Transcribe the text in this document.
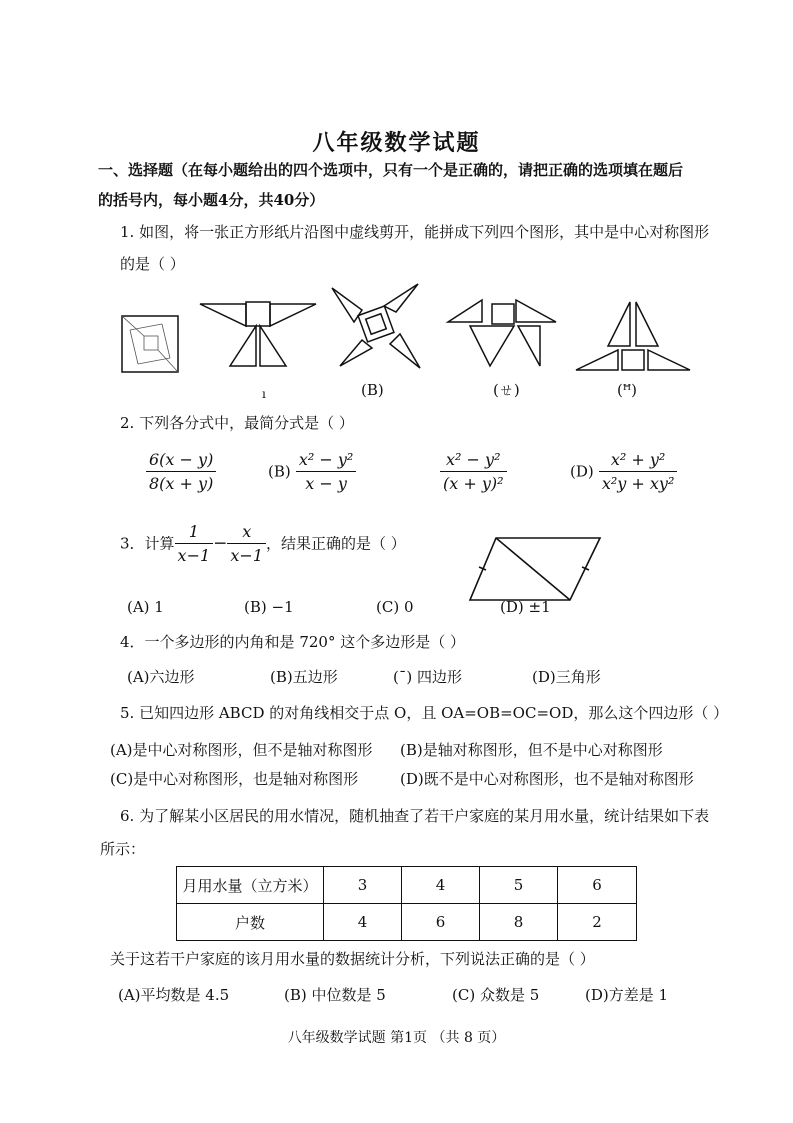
八年级数学试题
一、选择题（在每小题给出的四个选项中，只有一个是正确的，请把正确的选项填在题后
的括号内，每小题4分，共40分）
1. 如图，将一张正方形纸片沿图中虚线剪开，能拼成下列四个图形，其中是中心对称图形
的是（ ）
ı	(B)	(ㄝ)	(ꟸ)
2. 下列各分式中，最简分式是（ ）
$\frac{6(x - y)}{8(x + y)}$	$(B) \frac{\text{x² − y²}}{x - y}$	$\frac{\text{x² − y²}}{\text{(x + y)²}}$	$(D) \frac{\text{x² + y²}}{\text{x²y + xy²}}$
3．计算 $\frac{1}{x-1} - \frac{x}{x-1}$ ，结果正确的是（ ）
(A) 1	(B) −1	(C) 0	(D) ±1
4．一个多边形的内角和是 720° 这个多边形是（ ）
(A)六边形	(B)五边形	(ˉ) 四边形	(D)三角形
5. 已知四边形 ABCD 的对角线相交于点 O，且 OA=OB=OC=OD，那么这个四边形（ ）
(A)是中心对称图形，但不是轴对称图形 (B)是轴对称图形，但不是中心对称图形
(C)是中心对称图形，也是轴对称图形	(D)既不是中心对称图形，也不是轴对称图形
6. 为了解某小区居民的用水情况，随机抽查了若干户家庭的某月用水量，统计结果如下表
所示：
月用水量（立方米）	3	4	5	6
户数	4	6	8	2
关于这若干户家庭的该月用水量的数据统计分析，下列说法正确的是（ ）
(A)平均数是 4.5	(B) 中位数是 5	(C) 众数是 5	(D)方差是 1
八年级数学试题 第1页 （共 8 页）
